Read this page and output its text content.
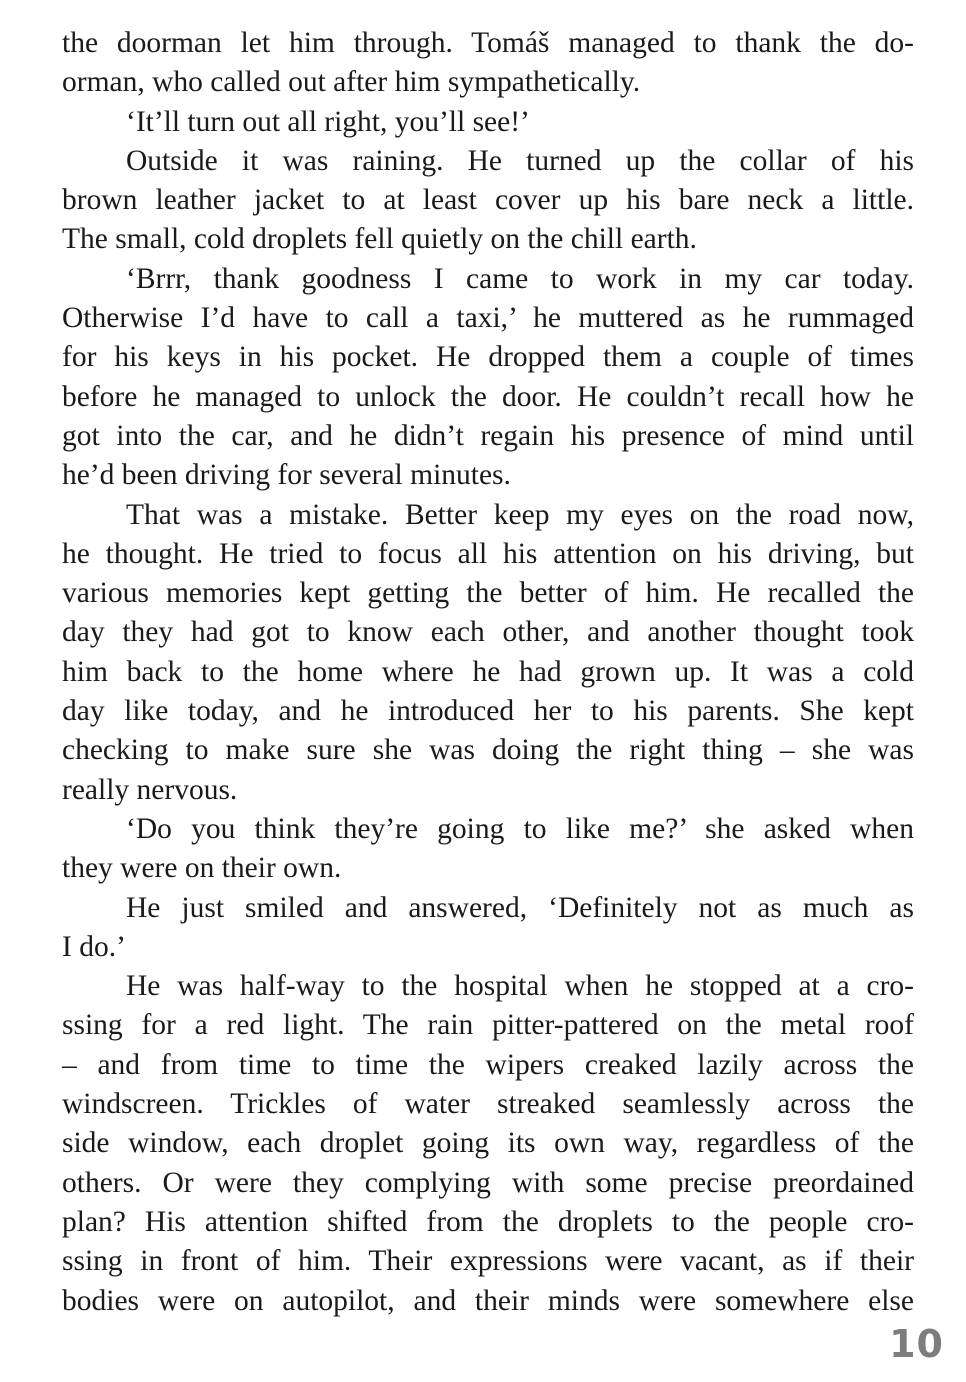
the doorman let him through. Tomáš managed to thank the do-
orman, who called out after him sympathetically.
‘It’ll turn out all right, you’ll see!’
Outside it was raining. He turned up the collar of his
brown leather jacket to at least cover up his bare neck a little.
The small, cold droplets fell quietly on the chill earth.
‘Brrr, thank goodness I came to work in my car today.
Otherwise I’d have to call a taxi,’ he muttered as he rummaged
for his keys in his pocket. He dropped them a couple of times
before he managed to unlock the door. He couldn’t recall how he
got into the car, and he didn’t regain his presence of mind until
he’d been driving for several minutes.
That was a mistake. Better keep my eyes on the road now,
he thought. He tried to focus all his attention on his driving, but
various memories kept getting the better of him. He recalled the
day they had got to know each other, and another thought took
him back to the home where he had grown up. It was a cold
day like today, and he introduced her to his parents. She kept
checking to make sure she was doing the right thing – she was
really nervous.
‘Do you think they’re going to like me?’ she asked when
they were on their own.
He just smiled and answered, ‘Definitely not as much as
I do.’
He was half-way to the hospital when he stopped at a cro-
ssing for a red light. The rain pitter-pattered on the metal roof
– and from time to time the wipers creaked lazily across the
windscreen. Trickles of water streaked seamlessly across the
side window, each droplet going its own way, regardless of the
others. Or were they complying with some precise preordained
plan? His attention shifted from the droplets to the people cro-
ssing in front of him. Their expressions were vacant, as if their
bodies were on autopilot, and their minds were somewhere else
10
